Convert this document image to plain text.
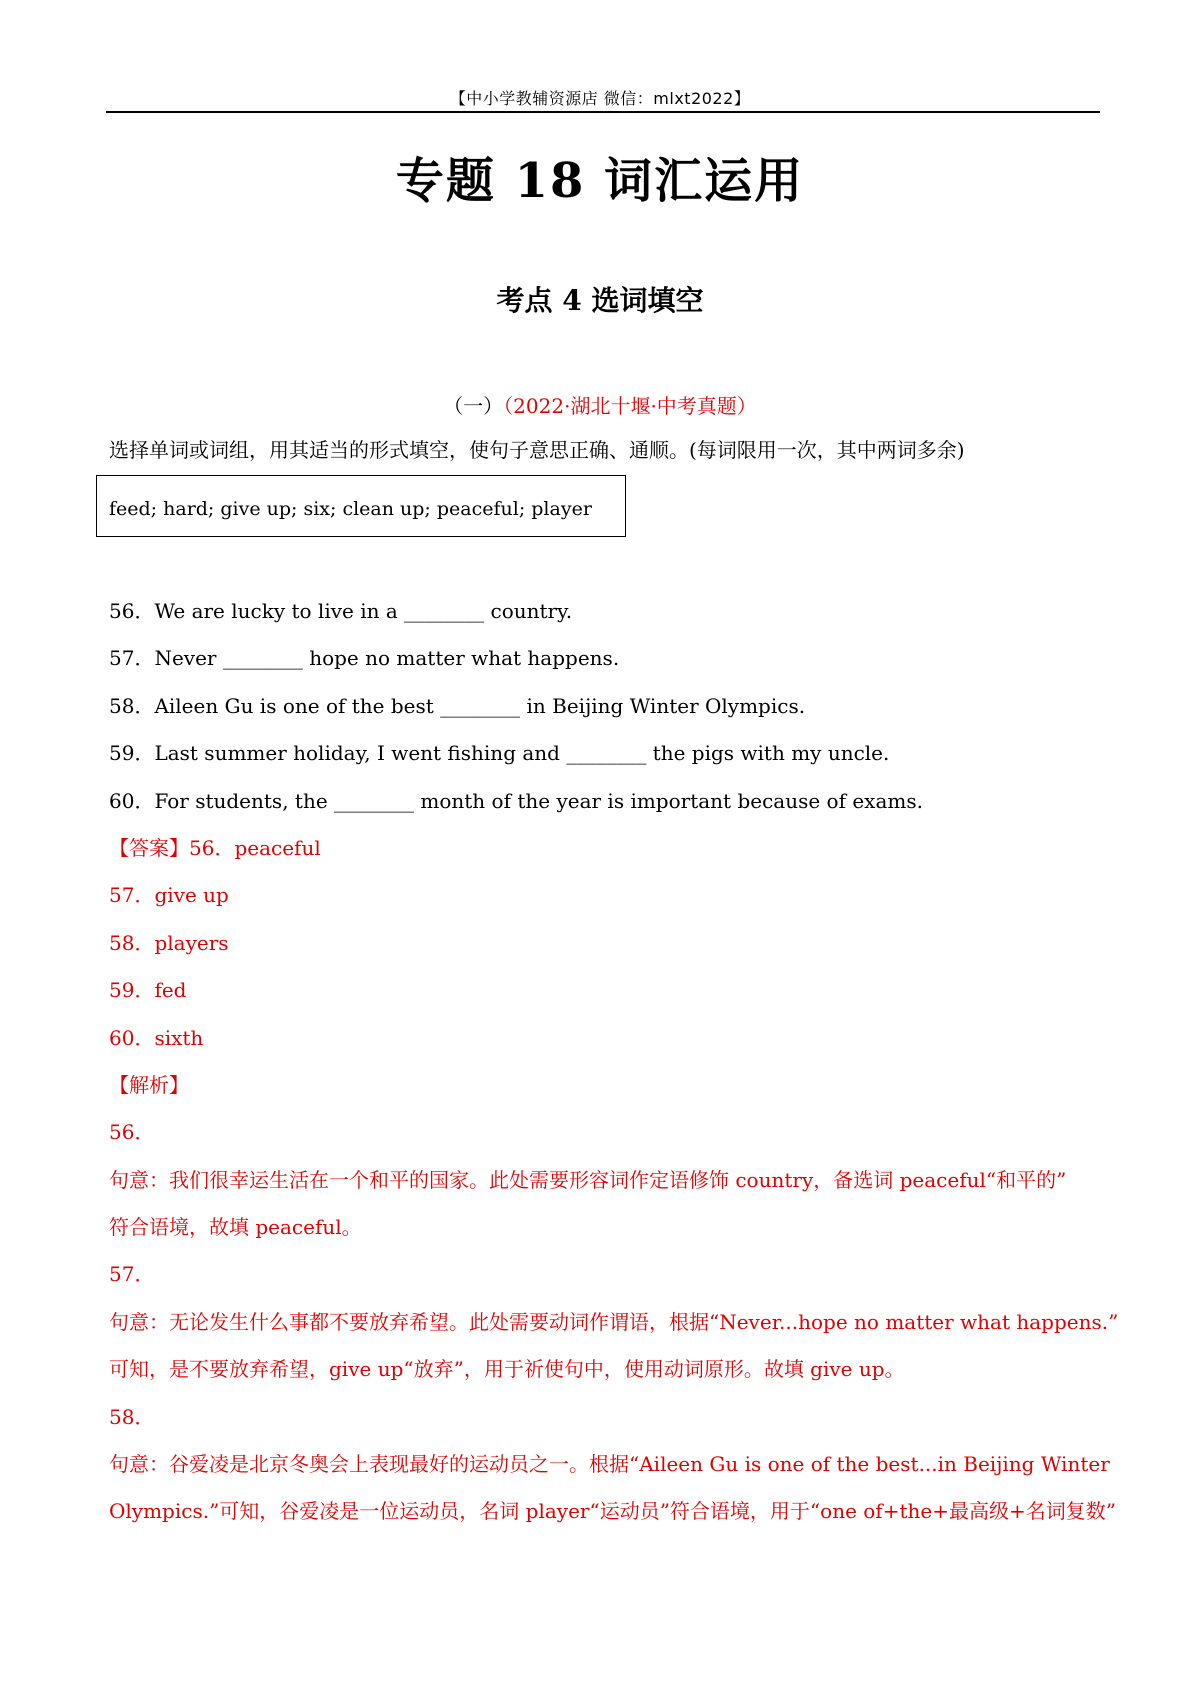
【中小学教辅资源店 微信：mlxt2022】
专题 18 词汇运用
考点 4 选词填空
（一）（2022·湖北十堰·中考真题）
选择单词或词组，用其适当的形式填空，使句子意思正确、通顺。(每词限用一次，其中两词多余)
feed; hard; give up; six; clean up; peaceful; player
56．We are lucky to live in a ________ country.
57．Never ________ hope no matter what happens.
58．Aileen Gu is one of the best ________ in Beijing Winter Olympics.
59．Last summer holiday, I went fishing and ________ the pigs with my uncle.
60．For students, the ________ month of the year is important because of exams.
【答案】56．peaceful
57．give up
58．players
59．fed
60．sixth
【解析】
56．
句意：我们很幸运生活在一个和平的国家。此处需要形容词作定语修饰 country，备选词 peaceful“和平的”
符合语境，故填 peaceful。
57．
句意：无论发生什么事都不要放弃希望。此处需要动词作谓语，根据“Never...hope no matter what happens.”
可知，是不要放弃希望，give up“放弃”，用于祈使句中，使用动词原形。故填 give up。
58．
句意：谷爱凌是北京冬奥会上表现最好的运动员之一。根据“Aileen Gu is one of the best...in Beijing Winter
Olympics.”可知，谷爱凌是一位运动员，名词 player“运动员”符合语境，用于“one of+the+最高级+名词复数”
